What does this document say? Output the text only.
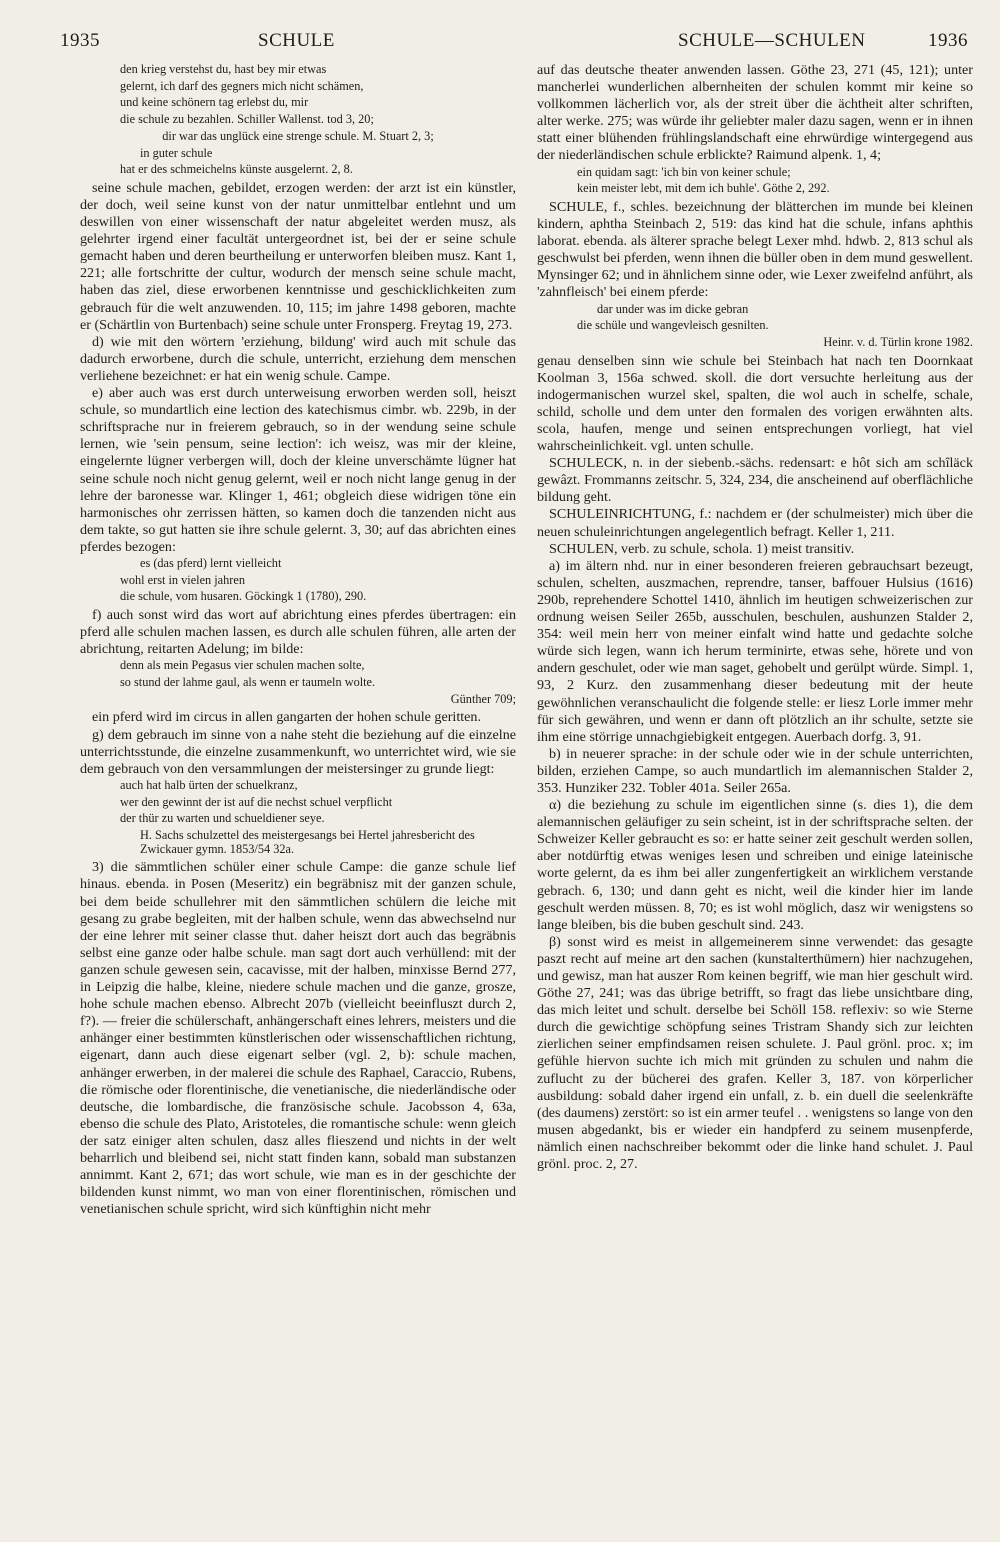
1935	SCHULE	SCHULE—SCHULEN	1936

den krieg verstehst du, hast bey mir etwas

gelernt, ich darf des gegners mich nicht schämen,

und keine schönern tag erlebst du, mir

die schule zu bezahlen. Schiller Wallenst. tod 3, 20;

dir war das unglück eine strenge schule. M. Stuart 2, 3;

in guter schule

hat er des schmeichelns künste ausgelernt. 2, 8.

seine schule machen, gebildet, erzogen werden: der arzt ist ein künstler, der doch, weil seine kunst von der natur unmittelbar entlehnt und um deswillen von einer wissenschaft der natur abgeleitet werden musz, als gelehrter irgend einer facultät untergeordnet ist, bei der er seine schule gemacht haben und deren beurtheilung er unterworfen bleiben musz. Kant 1, 221; alle fortschritte der cultur, wodurch der mensch seine schule macht, haben das ziel, diese erworbenen kenntnisse und geschicklichkeiten zum gebrauch für die welt anzuwenden. 10, 115; im jahre 1498 geboren, machte er (Schärtlin von Burtenbach) seine schule unter Fronsperg. Freytag 19, 273.

d) wie mit den wörtern 'erziehung, bildung' wird auch mit schule das dadurch erworbene, durch die schule, unterricht, erziehung dem menschen verliehene bezeichnet: er hat ein wenig schule. Campe.

e) aber auch was erst durch unterweisung erworben werden soll, heiszt schule, so mundartlich eine lection des katechismus cimbr. wb. 229b, in der schriftsprache nur in freierem gebrauch, so in der wendung seine schule lernen, wie 'sein pensum, seine lection': ich weisz, was mir der kleine, eingelernte lügner verbergen will, doch der kleine unverschämte lügner hat seine schule noch nicht genug gelernt, weil er noch nicht lange genug in der lehre der baronesse war. Klinger 1, 461; obgleich diese widrigen töne ein harmonisches ohr zerrissen hätten, so kamen doch die tanzenden nicht aus dem takte, so gut hatten sie ihre schule gelernt. 3, 30; auf das abrichten eines pferdes bezogen:

es (das pferd) lernt vielleicht

wohl erst in vielen jahren

die schule, vom husaren. Göckingk 1 (1780), 290.

f) auch sonst wird das wort auf abrichtung eines pferdes übertragen: ein pferd alle schulen machen lassen, es durch alle schulen führen, alle arten der abrichtung, reitarten Adelung; im bilde:

denn als mein Pegasus vier schulen machen solte,

so stund der lahme gaul, als wenn er taumeln wolte.

Günther 709;

ein pferd wird im circus in allen gangarten der hohen schule geritten.

g) dem gebrauch im sinne von a nahe steht die beziehung auf die einzelne unterrichtsstunde, die einzelne zusammenkunft, wo unterrichtet wird, wie sie dem gebrauch von den versammlungen der meistersinger zu grunde liegt:

auch hat halb ürten der schuelkranz,

wer den gewinnt der ist auf die nechst schuel verpflicht

der thür zu warten und schueldiener seye.

H. Sachs schulzettel des meistergesangs bei Hertel jahresbericht des Zwickauer gymn. 1853/54 32a.

3) die sämmtlichen schüler einer schule Campe: die ganze schule lief hinaus. ebenda. in Posen (Meseritz) ein begräbnisz mit der ganzen schule, bei dem beide schullehrer mit den sämmtlichen schülern die leiche mit gesang zu grabe begleiten, mit der halben schule, wenn das abwechselnd nur der eine lehrer mit seiner classe thut. daher heiszt dort auch das begräbnis selbst eine ganze oder halbe schule. man sagt dort auch verhüllend: mit der ganzen schule gewesen sein, cacavisse, mit der halben, minxisse Bernd 277, in Leipzig die halbe, kleine, niedere schule machen und die ganze, grosze, hohe schule machen ebenso. Albrecht 207b (vielleicht beeinfluszt durch 2, f?). — freier die schülerschaft, anhängerschaft eines lehrers, meisters und die anhänger einer bestimmten künstlerischen oder wissenschaftlichen richtung, eigenart, dann auch diese eigenart selber (vgl. 2, b): schule machen, anhänger erwerben, in der malerei die schule des Raphael, Caraccio, Rubens, die römische oder florentinische, die venetianische, die niederländische oder deutsche, die lombardische, die französische schule. Jacobsson 4, 63a, ebenso die schule des Plato, Aristoteles, die romantische schule: wenn gleich der satz einiger alten schulen, dasz alles flieszend und nichts in der welt beharrlich und bleibend sei, nicht statt finden kann, sobald man substanzen annimmt. Kant 2, 671; das wort schule, wie man es in der geschichte der bildenden kunst nimmt, wo man von einer florentinischen, römischen und venetianischen schule spricht, wird sich künftighin nicht mehr

auf das deutsche theater anwenden lassen. Göthe 23, 271 (45, 121); unter mancherlei wunderlichen albernheiten der schulen kommt mir keine so vollkommen lächerlich vor, als der streit über die ächtheit alter schriften, alter werke. 275; was würde ihr geliebter maler dazu sagen, wenn er in ihnen statt einer blühenden frühlingslandschaft eine ehrwürdige wintergegend aus der niederländischen schule erblickte? Raimund alpenk. 1, 4;

ein quidam sagt: 'ich bin von keiner schule;

kein meister lebt, mit dem ich buhle'. Göthe 2, 292.

SCHULE, f., schles. bezeichnung der blätterchen im munde bei kleinen kindern, aphtha Steinbach 2, 519: das kind hat die schule, infans aphthis laborat. ebenda. als älterer sprache belegt Lexer mhd. hdwb. 2, 813 schul als geschwulst bei pferden, wenn ihnen die büller oben in dem mund geswellent. Mynsinger 62; und in ähnlichem sinne oder, wie Lexer zweifelnd anführt, als 'zahnfleisch' bei einem pferde:

dar under was im dicke gebran

die schüle und wangevleisch gesnilten.

Heinr. v. d. Türlin krone 1982.

genau denselben sinn wie schule bei Steinbach hat nach ten Doornkaat Koolman 3, 156a schwed. skoll. die dort versuchte herleitung aus der indogermanischen wurzel skel, spalten, die wol auch in schelfe, schale, schild, scholle und dem unter den formalen des vorigen erwähnten alts. scola, haufen, menge und seinen entsprechungen vorliegt, hat viel wahrscheinlichkeit. vgl. unten schulle.

SCHULECK, n. in der siebenb.-sächs. redensart: e hôt sich am schîläck gewâzt. Frommanns zeitschr. 5, 324, 234, die anscheinend auf oberflächliche bildung geht.

SCHULEINRICHTUNG, f.: nachdem er (der schulmeister) mich über die neuen schuleinrichtungen angelegentlich befragt. Keller 1, 211.

SCHULEN, verb. zu schule, schola. 1) meist transitiv.

a) im ältern nhd. nur in einer besonderen freieren gebrauchsart bezeugt, schulen, schelten, auszmachen, reprendre, tanser, baffouer Hulsius (1616) 290b, reprehendere Schottel 1410, ähnlich im heutigen schweizerischen zur ordnung weisen Seiler 265b, ausschulen, beschulen, aushunzen Stalder 2, 354: weil mein herr von meiner einfalt wind hatte und gedachte solche würde sich legen, wann ich herum terminirte, etwas sehe, hörete und von andern geschulet, oder wie man saget, gehobelt und gerülpt würde. Simpl. 1, 93, 2 Kurz. den zusammenhang dieser bedeutung mit der heute gewöhnlichen veranschaulicht die folgende stelle: er liesz Lorle immer mehr für sich gewähren, und wenn er dann oft plötzlich an ihr schulte, setzte sie ihm eine störrige unnachgiebigkeit entgegen. Auerbach dorfg. 3, 91.

b) in neuerer sprache: in der schule oder wie in der schule unterrichten, bilden, erziehen Campe, so auch mundartlich im alemannischen Stalder 2, 353. Hunziker 232. Tobler 401a. Seiler 265a.

α) die beziehung zu schule im eigentlichen sinne (s. dies 1), die dem alemannischen geläufiger zu sein scheint, ist in der schriftsprache selten. der Schweizer Keller gebraucht es so: er hatte seiner zeit geschult werden sollen, aber notdürftig etwas weniges lesen und schreiben und einige lateinische worte gelernt, da es ihm bei aller zungenfertigkeit an wirklichem verstande gebrach. 6, 130; und dann geht es nicht, weil die kinder hier im lande geschult werden müssen. 8, 70; es ist wohl möglich, dasz wir wenigstens so lange bleiben, bis die buben geschult sind. 243.

β) sonst wird es meist in allgemeinerem sinne verwendet: das gesagte paszt recht auf meine art den sachen (kunstalterthümern) hier nachzugehen, und gewisz, man hat auszer Rom keinen begriff, wie man hier geschult wird. Göthe 27, 241; was das übrige betrifft, so fragt das liebe unsichtbare ding, das mich leitet und schult. derselbe bei Schöll 158. reflexiv: so wie Sterne durch die gewichtige schöpfung seines Tristram Shandy sich zur leichten zierlichen seiner empfindsamen reisen schulete. J. Paul grönl. proc. x; im gefühle hiervon suchte ich mich mit gründen zu schulen und nahm die zuflucht zu der bücherei des grafen. Keller 3, 187. von körperlicher ausbildung: sobald daher irgend ein unfall, z. b. ein duell die seelenkräfte (des daumens) zerstört: so ist ein armer teufel . . wenigstens so lange von den musen abgedankt, bis er wieder ein handpferd zu seinem musenpferde, nämlich einen nachschreiber bekommt oder die linke hand schulet. J. Paul grönl. proc. 2, 27.
